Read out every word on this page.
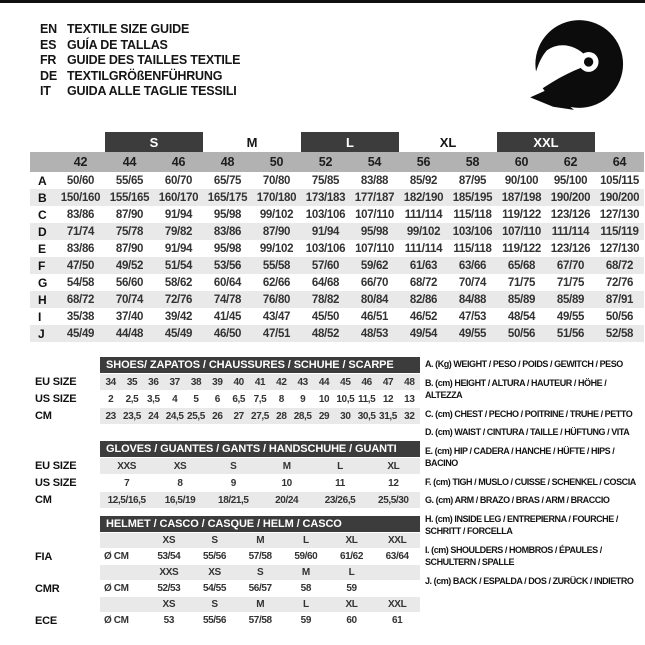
EN TEXTILE SIZE GUIDE
ES GUÍA DE TALLAS
FR GUIDE DES TAILLES TEXTILE
DE TEXTILGRÖßENFÜHRUNG
IT	GUIDA ALLE TAGLIE TESSILI
S	M	L	XL	XXL
42	44	46	48	50	52	54	56	58	60	62	64
A	50/60	55/65	60/70	65/75	70/80	75/85	83/88	85/92	87/95	90/100	95/100	105/115
B	150/160 155/165 160/170 165/175 170/180 173/183 177/187 182/190 185/195 187/198 190/200 190/200
C	83/86	87/90	91/94	95/98	99/102	103/106 107/110 111/114 115/118 119/122 123/126 127/130
D	71/74	75/78	79/82	83/86	87/90	91/94	95/98	99/102	103/106 107/110 111/114 115/119
E	83/86	87/90	91/94	95/98	99/102	103/106 107/110 111/114 115/118 119/122 123/126 127/130
F	47/50	49/52	51/54	53/56	55/58	57/60	59/62	61/63	63/66	65/68	67/70	68/72
G	54/58	56/60	58/62	60/64	62/66	64/68	66/70	68/72	70/74	71/75	71/75	72/76
H	68/72	70/74	72/76	74/78	76/80	78/82	80/84	82/86	84/88	85/89	85/89	87/91
I	35/38	37/40	39/42	41/45	43/47	45/50	46/51	46/52	47/53	48/54	49/55	50/56
J	45/49	44/48	45/49	46/50	47/51	48/52	48/53	49/54	49/55	50/56	51/56	52/58
SHOES/ ZAPATOS / CHAUSSURES / SCHUHE / SCARPE
EU SIZE	34	35	36	37	38	39	40	41	42	43	44	45	46	47	48
US SIZE	2	2,5 3,5	4	5	6	6,5 7,5	8	9	10 10,5 11,5 12	13
CM	23 23,5 24 24,5 25,5 26	27 27,5 28 28,5 29	30 30,5 31,5 32
GLOVES / GUANTES / GANTS / HANDSCHUHE / GUANTI
EU SIZE	XXS	XS	S	M	L	XL
US SIZE	7	8	9	10	11	12
CM	12,5/16,5	16,5/19	18/21,5	20/24	23/26,5	25,5/30
HELMET / CASCO / CASQUE / HELM / CASCO
XS	S	M	L	XL	XXL
FIA	Ø CM	53/54	55/56	57/58	59/60	61/62	63/64
XXS	XS	S	M	L
CMR	Ø CM	52/53	54/55	56/57	58	59
XS	S	M	L	XL	XXL
ECE	Ø CM	53	55/56	57/58	59	60	61
A. (Kg) WEIGHT / PESO / POIDS / GEWITCH / PESO
B. (cm) HEIGHT / ALTURA / HAUTEUR / HÖHE / ALTEZZA
C. (cm) CHEST / PECHO / POITRINE / TRUHE / PETTO
D. (cm) WAIST / CINTURA / TAILLE / HÜFTUNG / VITA
E. (cm) HIP / CADERA / HANCHE / HÜFTE / HIPS / BACINO
F. (cm) TIGH / MUSLO / CUISSE / SCHENKEL / COSCIA
G. (cm) ARM / BRAZO / BRAS / ARM / BRACCIO
H. (cm) INSIDE LEG / ENTREPIERNA / FOURCHE / SCHRITT / FORCELLA
I. (cm) SHOULDERS / HOMBROS / ÉPAULES / SCHULTERN / SPALLE
J. (cm) BACK / ESPALDA / DOS / ZURÜCK / INDIETRO
